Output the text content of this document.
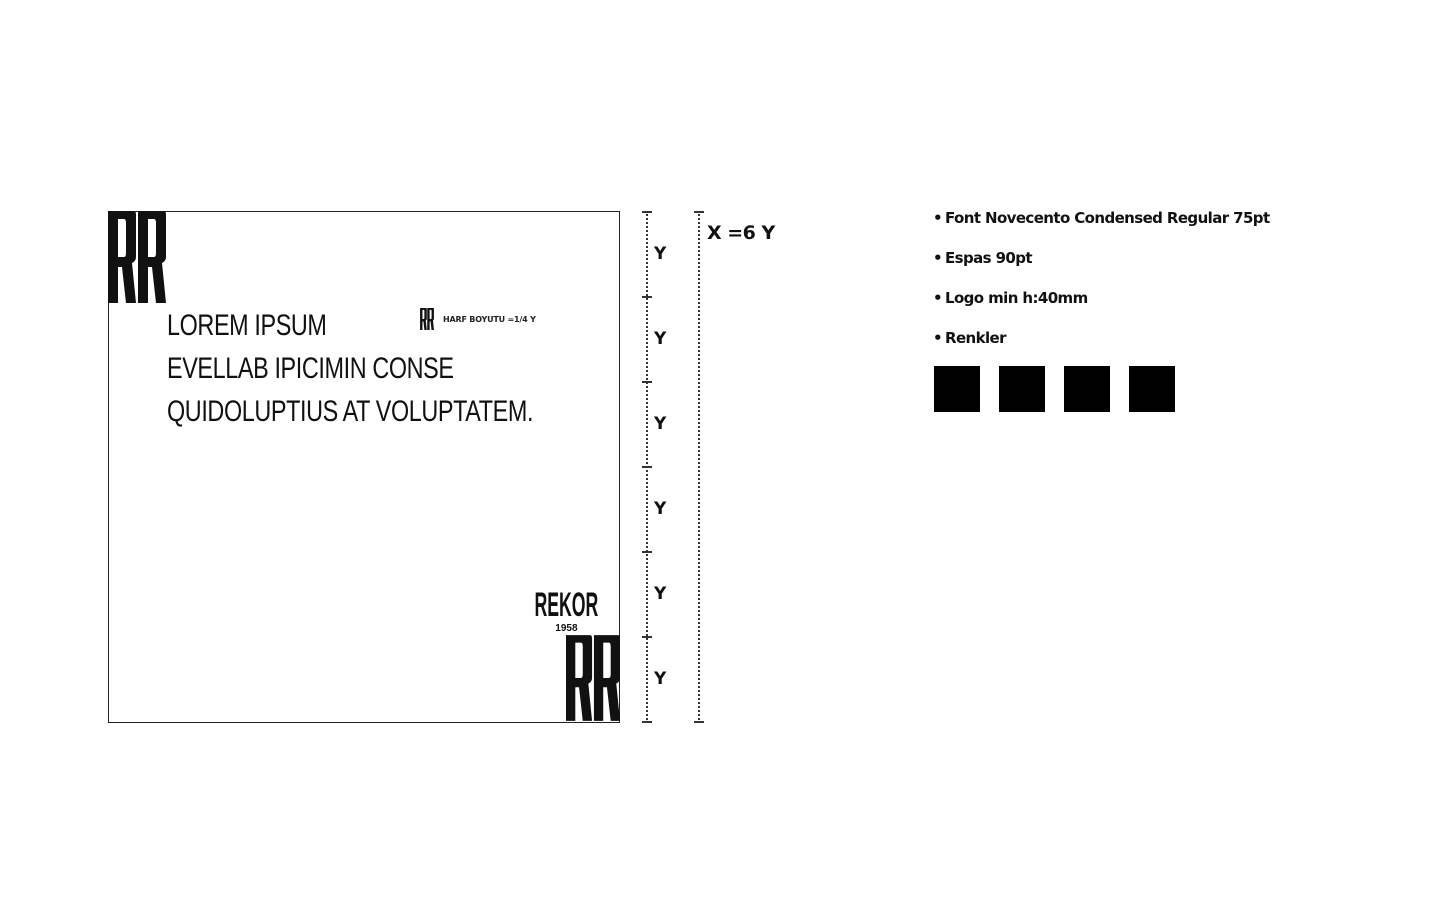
LOREM IPSUM
EVELLAB IPICIMIN CONSE
QUIDOLUPTIUS AT VOLUPTATEM.
HARF BOYUTU =1/4 Y
REKOR
1958
Y
Y
Y
Y
Y
Y
X =6 Y
• Font Novecento Condensed Regular 75pt
• Espas 90pt
• Logo min h:40mm
• Renkler
